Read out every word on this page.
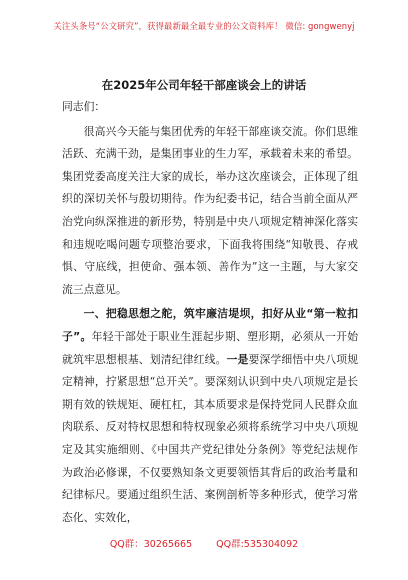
关注头条号“公文研究”，获得最新最全最专业的公文资料库！ 微信: gongwenyj
在2025年公司年轻干部座谈会上的讲话

同志们：

很高兴今天能与集团优秀的年轻干部座谈交流。你们思维活跃、充满干劲，是集团事业的生力军，承载着未来的希望。集团党委高度关注大家的成长，举办这次座谈会，正体现了组织的深切关怀与殷切期待。作为纪委书记，结合当前全面从严治党向纵深推进的新形势，特别是中央八项规定精神深化落实和违规吃喝问题专项整治要求，下面我将围绕“知敬畏、存戒惧、守底线，担使命、强本领、善作为”这一主题，与大家交流三点意见。

一、把稳思想之舵，筑牢廉洁堤坝，扣好从业“第一粒扣子”。年轻干部处于职业生涯起步期、塑形期，必须从一开始就筑牢思想根基、划清纪律红线。一是要深学细悟中央八项规定精神，拧紧思想“总开关”。要深刻认识到中央八项规定是长期有效的铁规矩、硬杠杠，其本质要求是保持党同人民群众血肉联系、反对特权思想和特权现象必须将系统学习中央八项规定及其实施细则、《中国共产党纪律处分条例》等党纪法规作为政治必修课，不仅要熟知条文更要领悟其背后的政治考量和纪律标尺。要通过组织生活、案例剖析等多种形式，使学习常态化、实效化，

QQ群：30265665	QQ群:535304092
